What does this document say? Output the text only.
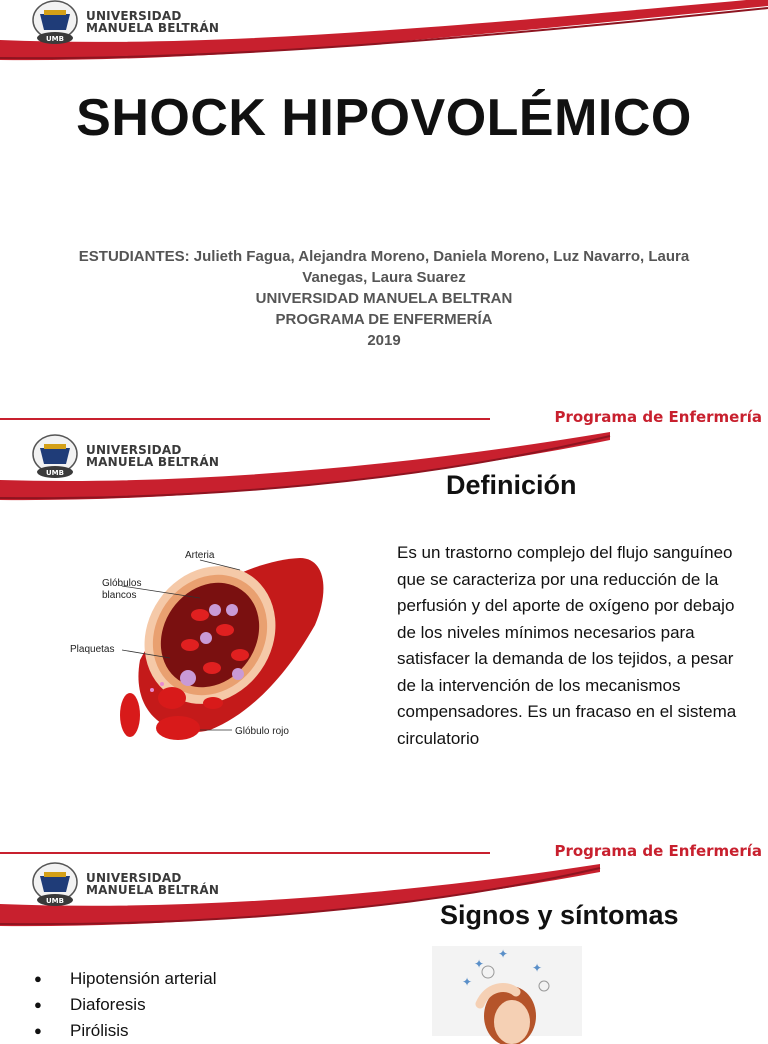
UMB
UNIVERSIDAD
MANUELA BELTRÁN
SHOCK HIPOVOLÉMICO
ESTUDIANTES: Julieth Fagua, Alejandra Moreno, Daniela Moreno, Luz Navarro, Laura
Vanegas, Laura Suarez
UNIVERSIDAD MANUELA BELTRAN
PROGRAMA DE ENFERMERÍA
2019
Programa de Enfermería
UMB
UNIVERSIDAD
MANUELA BELTRÁN
Definición
Arteria
Glóbulos
blancos
Plaquetas
Glóbulo rojo
Es un trastorno complejo del flujo sanguíneo que se caracteriza por una reducción de la perfusión y del aporte de oxígeno por debajo de los niveles mínimos necesarios para satisfacer la demanda de los tejidos, a pesar de la intervención de los mecanismos compensadores. Es un fracaso en el sistema circulatorio
Programa de Enfermería
UMB
UNIVERSIDAD
MANUELA BELTRÁN
Signos y síntomas
✦
✦
✦
✦
● Hipotensión arterial
● Diaforesis
● Pirólisis
